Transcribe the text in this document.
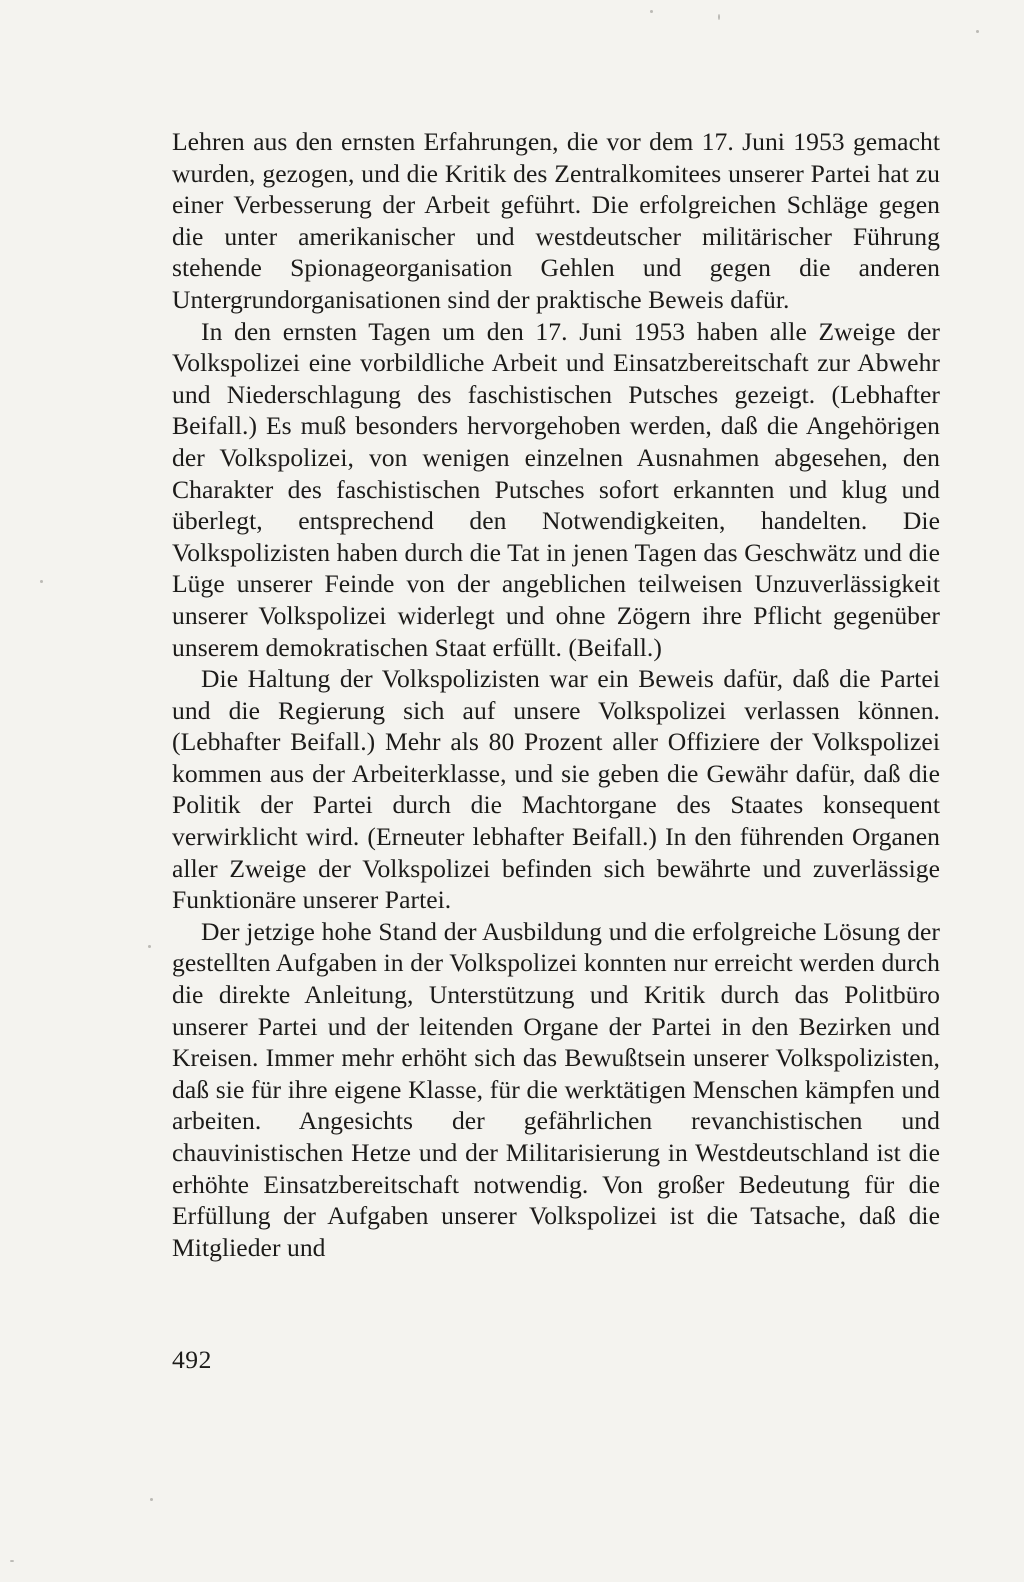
Lehren aus den ernsten Erfahrungen, die vor dem 17. Juni 1953 gemacht wurden, gezogen, und die Kritik des Zentralkomitees unserer Partei hat zu einer Verbesserung der Arbeit geführt. Die erfolgreichen Schläge gegen die unter amerikanischer und westdeutscher militärischer Führung stehende Spionageorganisation Gehlen und gegen die anderen Untergrundorganisationen sind der praktische Beweis dafür.

In den ernsten Tagen um den 17. Juni 1953 haben alle Zweige der Volkspolizei eine vorbildliche Arbeit und Einsatzbereitschaft zur Abwehr und Niederschlagung des faschistischen Putsches gezeigt. (Lebhafter Beifall.) Es muß besonders hervorgehoben werden, daß die Angehörigen der Volkspolizei, von wenigen einzelnen Ausnahmen abgesehen, den Charakter des faschistischen Putsches sofort erkannten und klug und überlegt, entsprechend den Notwendigkeiten, handelten. Die Volkspolizisten haben durch die Tat in jenen Tagen das Geschwätz und die Lüge unserer Feinde von der angeblichen teilweisen Unzuverlässigkeit unserer Volkspolizei widerlegt und ohne Zögern ihre Pflicht gegenüber unserem demokratischen Staat erfüllt. (Beifall.)

Die Haltung der Volkspolizisten war ein Beweis dafür, daß die Partei und die Regierung sich auf unsere Volkspolizei verlassen können. (Lebhafter Beifall.) Mehr als 80 Prozent aller Offiziere der Volkspolizei kommen aus der Arbeiterklasse, und sie geben die Gewähr dafür, daß die Politik der Partei durch die Machtorgane des Staates konsequent verwirklicht wird. (Erneuter lebhafter Beifall.) In den führenden Organen aller Zweige der Volkspolizei befinden sich bewährte und zuverlässige Funktionäre unserer Partei.

Der jetzige hohe Stand der Ausbildung und die erfolgreiche Lösung der gestellten Aufgaben in der Volkspolizei konnten nur erreicht werden durch die direkte Anleitung, Unterstützung und Kritik durch das Politbüro unserer Partei und der leitenden Organe der Partei in den Bezirken und Kreisen. Immer mehr erhöht sich das Bewußtsein unserer Volkspolizisten, daß sie für ihre eigene Klasse, für die werktätigen Menschen kämpfen und arbeiten. Angesichts der gefährlichen revanchistischen und chauvinistischen Hetze und der Militarisierung in Westdeutschland ist die erhöhte Einsatzbereitschaft notwendig. Von großer Bedeutung für die Erfüllung der Aufgaben unserer Volkspolizei ist die Tatsache, daß die Mitglieder und

492
